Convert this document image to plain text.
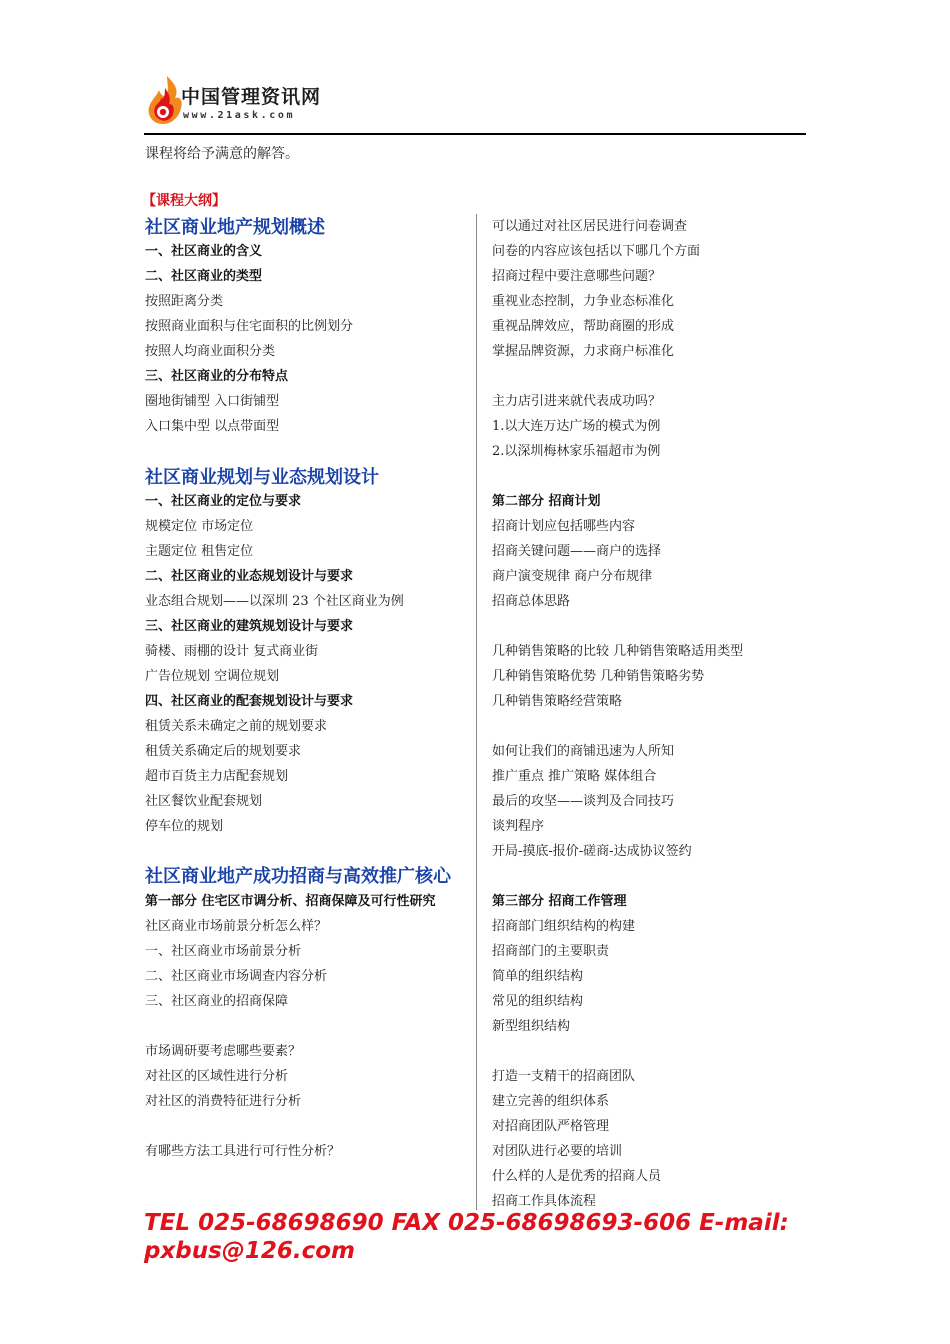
中国管理资讯网
www.21ask.com
课程将给予满意的解答。
【课程大纲】
社区商业地产规划概述
一、社区商业的含义
二、社区商业的类型
按照距离分类
按照商业面积与住宅面积的比例划分
按照人均商业面积分类
三、社区商业的分布特点
圈地街铺型 入口街铺型
入口集中型 以点带面型
社区商业规划与业态规划设计
一、社区商业的定位与要求
规模定位 市场定位
主题定位 租售定位
二、社区商业的业态规划设计与要求
业态组合规划——以深圳 23 个社区商业为例
三、社区商业的建筑规划设计与要求
骑楼、雨棚的设计 复式商业街
广告位规划 空调位规划
四、社区商业的配套规划设计与要求
租赁关系未确定之前的规划要求
租赁关系确定后的规划要求
超市百货主力店配套规划
社区餐饮业配套规划
停车位的规划
社区商业地产成功招商与高效推广核心
第一部分 住宅区市调分析、招商保障及可行性研究
社区商业市场前景分析怎么样？
一、社区商业市场前景分析
二、社区商业市场调查内容分析
三、社区商业的招商保障
市场调研要考虑哪些要素？
对社区的区域性进行分析
对社区的消费特征进行分析
有哪些方法工具进行可行性分析？
可以通过对社区居民进行问卷调查
问卷的内容应该包括以下哪几个方面
招商过程中要注意哪些问题？
重视业态控制，力争业态标准化
重视品牌效应，帮助商圈的形成
掌握品牌资源，力求商户标准化
主力店引进来就代表成功吗？
1.以大连万达广场的模式为例
2.以深圳梅林家乐福超市为例
第二部分 招商计划
招商计划应包括哪些内容
招商关键问题——商户的选择
商户演变规律 商户分布规律
招商总体思路
几种销售策略的比较 几种销售策略适用类型
几种销售策略优势 几种销售策略劣势
几种销售策略经营策略
如何让我们的商铺迅速为人所知
推广重点 推广策略 媒体组合
最后的攻坚——谈判及合同技巧
谈判程序
开局-摸底-报价-磋商-达成协议签约
第三部分 招商工作管理
招商部门组织结构的构建
招商部门的主要职责
简单的组织结构
常见的组织结构
新型组织结构
打造一支精干的招商团队
建立完善的组织体系
对招商团队严格管理
对团队进行必要的培训
什么样的人是优秀的招商人员
招商工作具体流程
TEL 025-68698690 FAX 025-68698693-606 E-mail: pxbus@126.com
